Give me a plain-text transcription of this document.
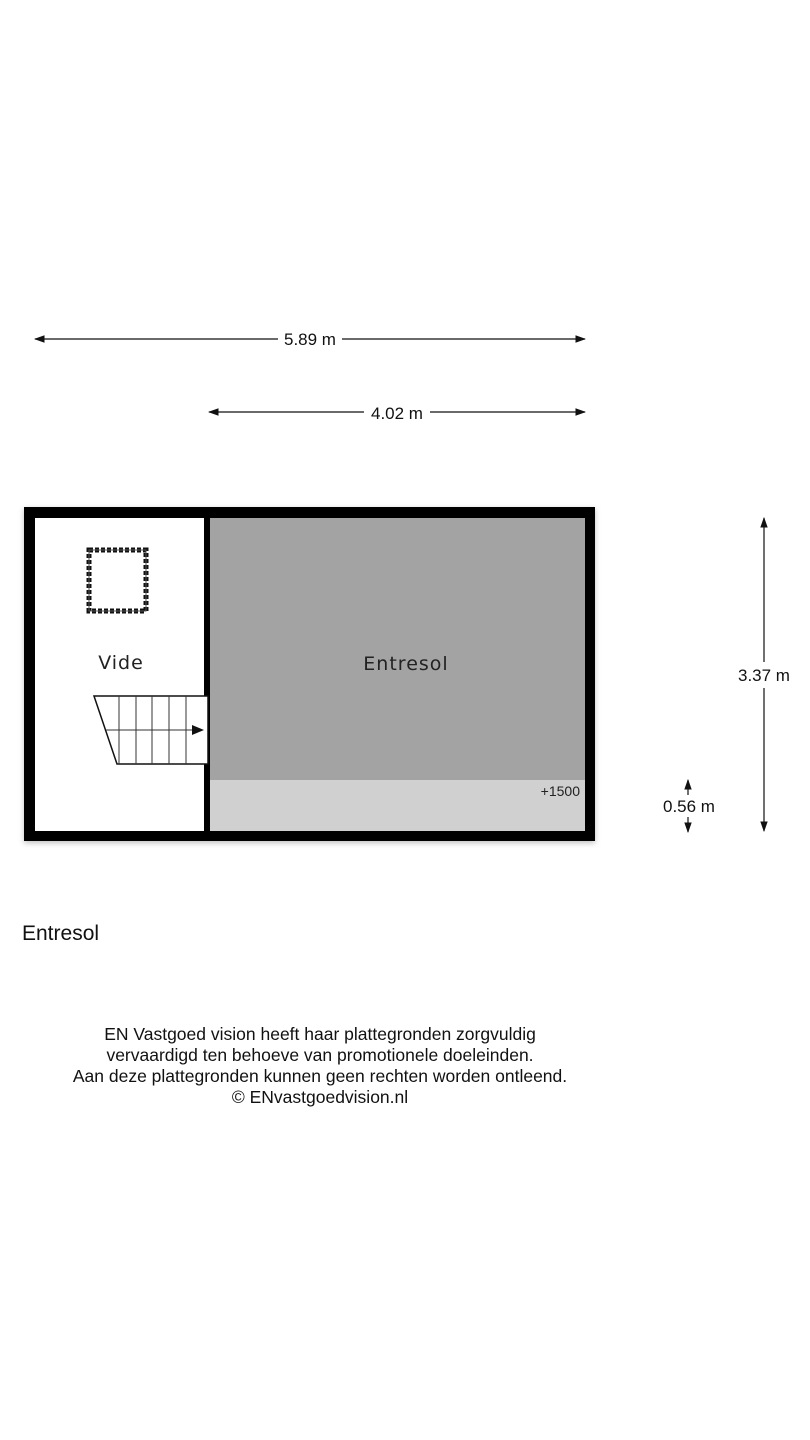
5.89 m
4.02 m
Vide	Entresol
+1500
3.37 m
0.56 m
Entresol
EN Vastgoed vision heeft haar plattegronden zorgvuldig
vervaardigd ten behoeve van promotionele doeleinden.
Aan deze plattegronden kunnen geen rechten worden ontleend.
© ENvastgoedvision.nl
